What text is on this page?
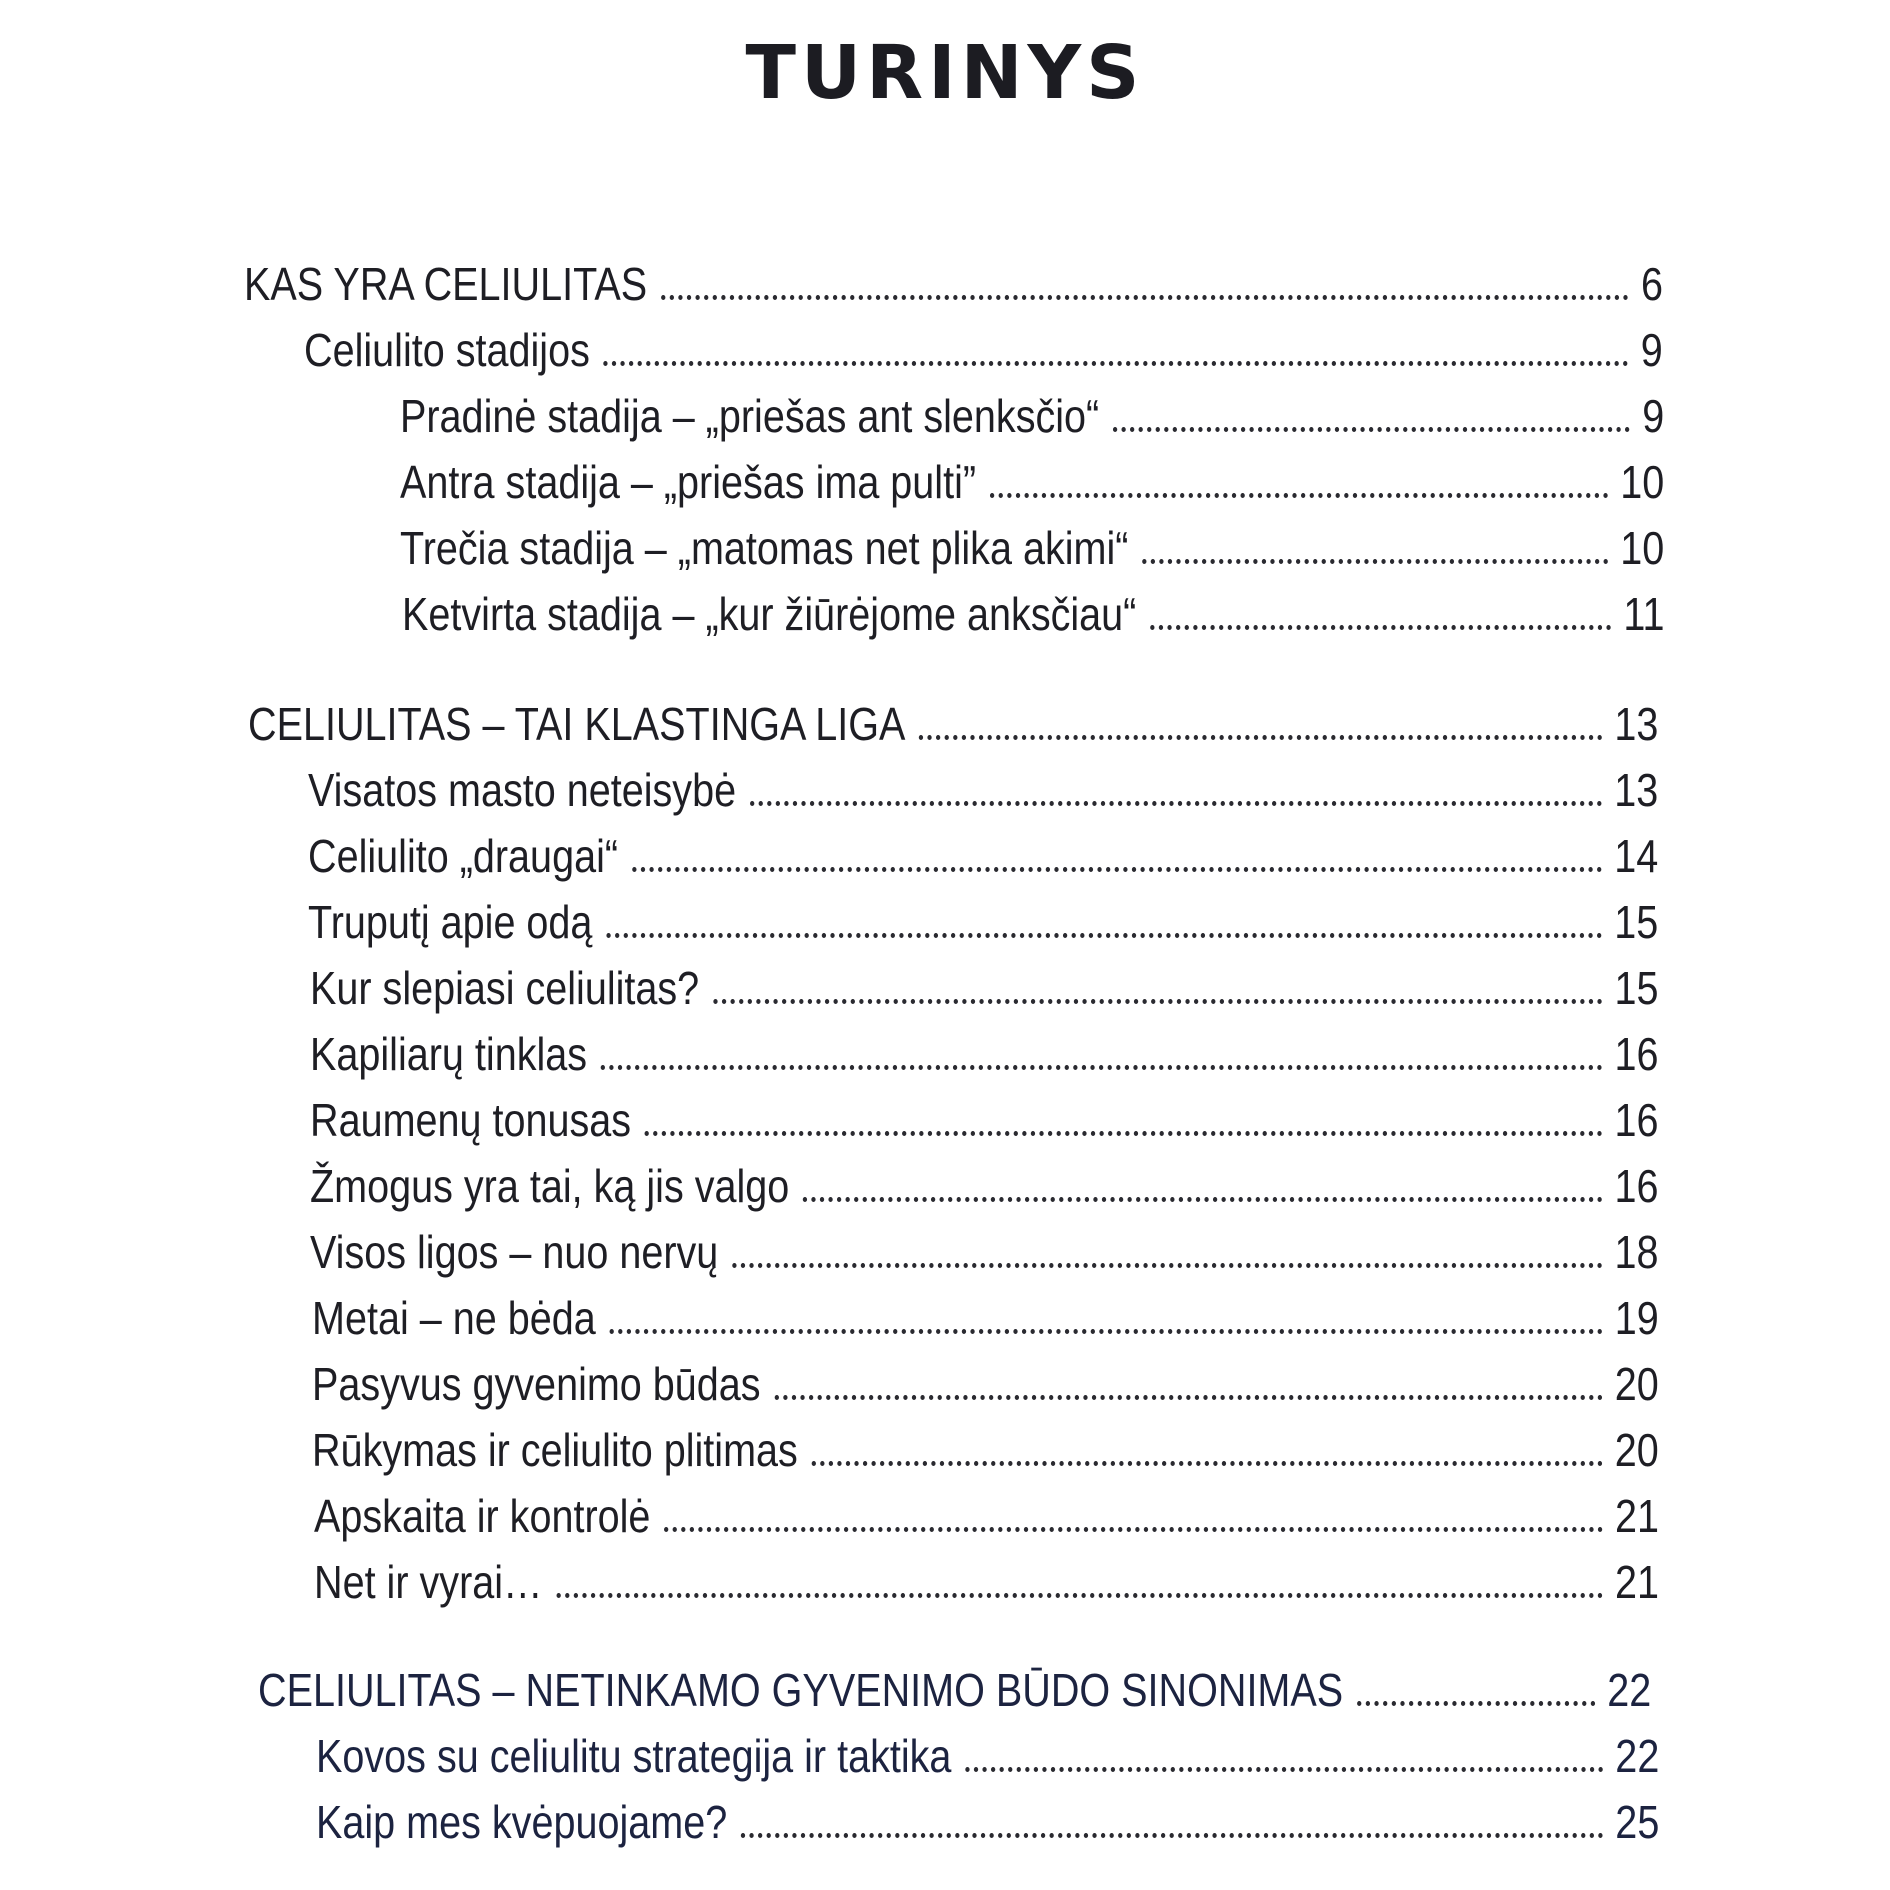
TURINYS
KAS YRA CELIULITAS	6
Celiulito stadijos	9
Pradinė stadija – „priešas ant slenksčio“	9
Antra stadija – „priešas ima pulti”	10
Trečia stadija – „matomas net plika akimi“	10
Ketvirta stadija – „kur žiūrėjome anksčiau“	11
CELIULITAS – TAI KLASTINGA LIGA	13
Visatos masto neteisybė	13
Celiulito „draugai“	14
Truputį apie odą	15
Kur slepiasi celiulitas?	15
Kapiliarų tinklas	16
Raumenų tonusas	16
Žmogus yra tai, ką jis valgo	16
Visos ligos – nuo nervų	18
Metai – ne bėda	19
Pasyvus gyvenimo būdas	20
Rūkymas ir celiulito plitimas	20
Apskaita ir kontrolė	21
Net ir vyrai…	21
CELIULITAS – NETINKAMO GYVENIMO BŪDO SINONIMAS	22
Kovos su celiulitu strategija ir taktika	22
Kaip mes kvėpuojame?	25
